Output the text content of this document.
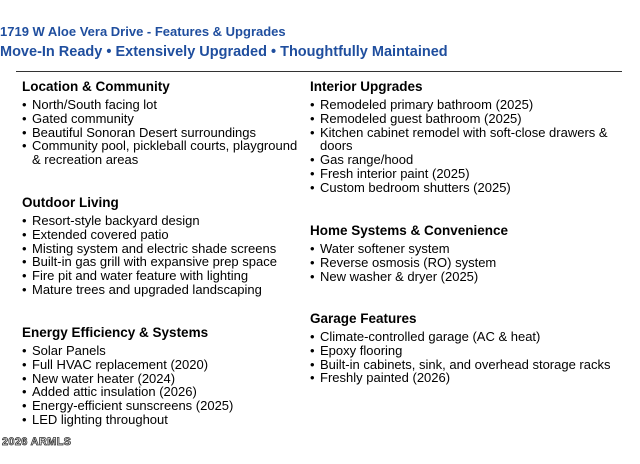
1719 W Aloe Vera Drive - Features & Upgrades
Move-In Ready • Extensively Upgraded • Thoughtfully Maintained
Location & Community
• North/South facing lot
• Gated community
• Beautiful Sonoran Desert surroundings
• Community pool, pickleball courts, playground & recreation areas
Outdoor Living
• Resort-style backyard design
• Extended covered patio
• Misting system and electric shade screens
• Built-in gas grill with expansive prep space
• Fire pit and water feature with lighting
• Mature trees and upgraded landscaping
Energy Efficiency & Systems
• Solar Panels
• Full HVAC replacement (2020)
• New water heater (2024)
• Added attic insulation (2026)
• Energy-efficient sunscreens (2025)
• LED lighting throughout
Interior Upgrades
• Remodeled primary bathroom (2025)
• Remodeled guest bathroom (2025)
• Kitchen cabinet remodel with soft-close drawers & doors
• Gas range/hood
• Fresh interior paint (2025)
• Custom bedroom shutters (2025)
Home Systems & Convenience
• Water softener system
• Reverse osmosis (RO) system
• New washer & dryer (2025)
Garage Features
• Climate-controlled garage (AC & heat)
• Epoxy flooring
• Built-in cabinets, sink, and overhead storage racks
• Freshly painted (2026)
2026 ARMLS
